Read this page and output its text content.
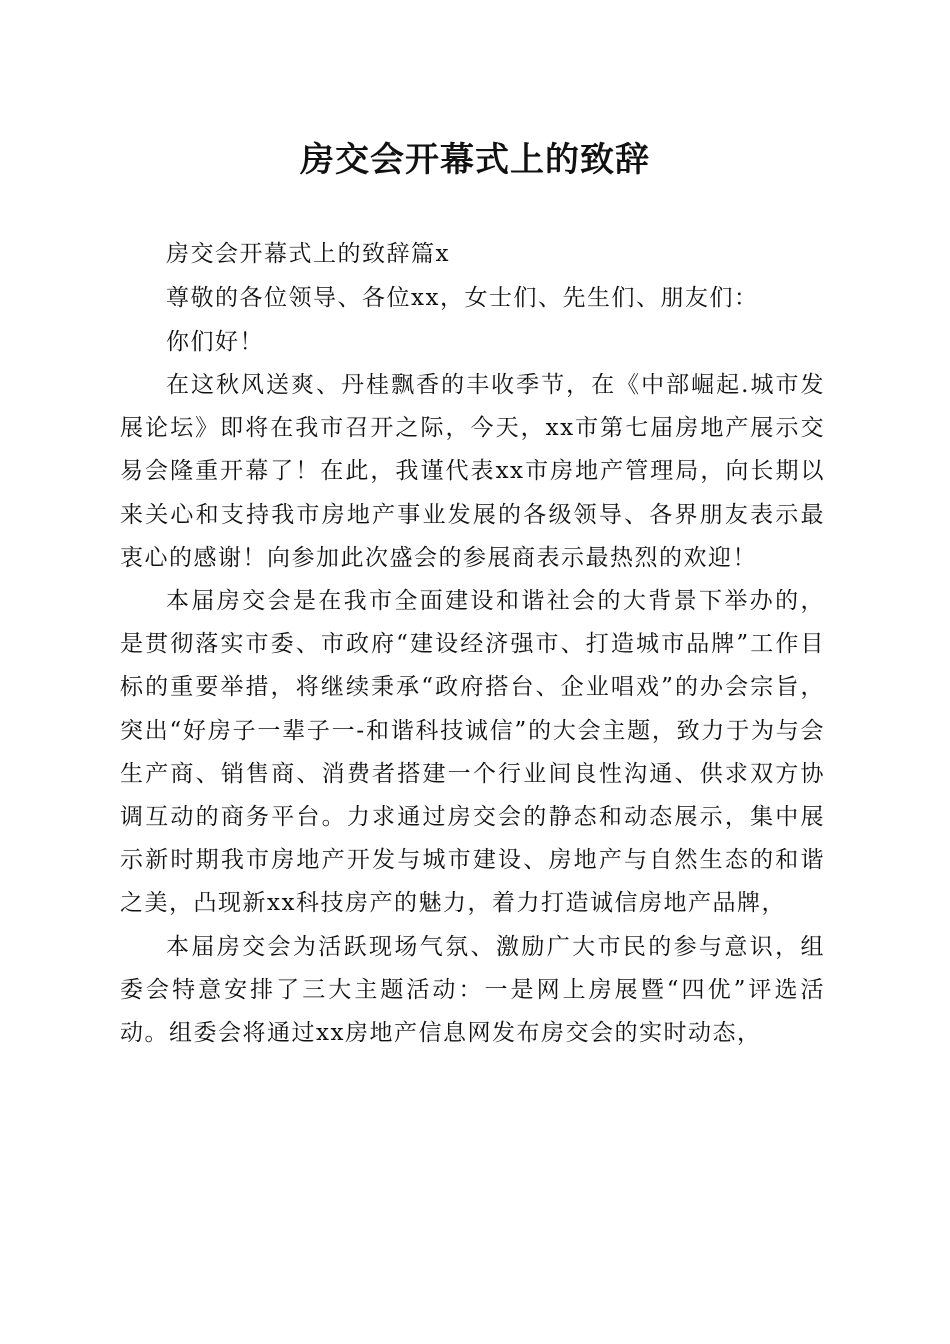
房交会开幕式上的致辞

房交会开幕式上的致辞篇x

尊敬的各位领导、各位xx，女士们、先生们、朋友们：

你们好！

在这秋风送爽、丹桂飘香的丰收季节，在《中部崛起.城市发展论坛》即将在我市召开之际，今天，xx市第七届房地产展示交易会隆重开幕了！在此，我谨代表xx市房地产管理局，向长期以来关心和支持我市房地产事业发展的各级领导、各界朋友表示最衷心的感谢！向参加此次盛会的参展商表示最热烈的欢迎！

本届房交会是在我市全面建设和谐社会的大背景下举办的，是贯彻落实市委、市政府“建设经济强市、打造城市品牌”工作目标的重要举措，将继续秉承“政府搭台、企业唱戏”的办会宗旨，突出“好房子一辈子一-和谐科技诚信”的大会主题，致力于为与会生产商、销售商、消费者搭建一个行业间良性沟通、供求双方协调互动的商务平台。力求通过房交会的静态和动态展示，集中展示新时期我市房地产开发与城市建设、房地产与自然生态的和谐之美，凸现新xx科技房产的魅力，着力打造诚信房地产品牌，

本届房交会为活跃现场气氛、激励广大市民的参与意识，组委会特意安排了三大主题活动：一是网上房展暨“四优”评选活动。组委会将通过xx房地产信息网发布房交会的实时动态，
